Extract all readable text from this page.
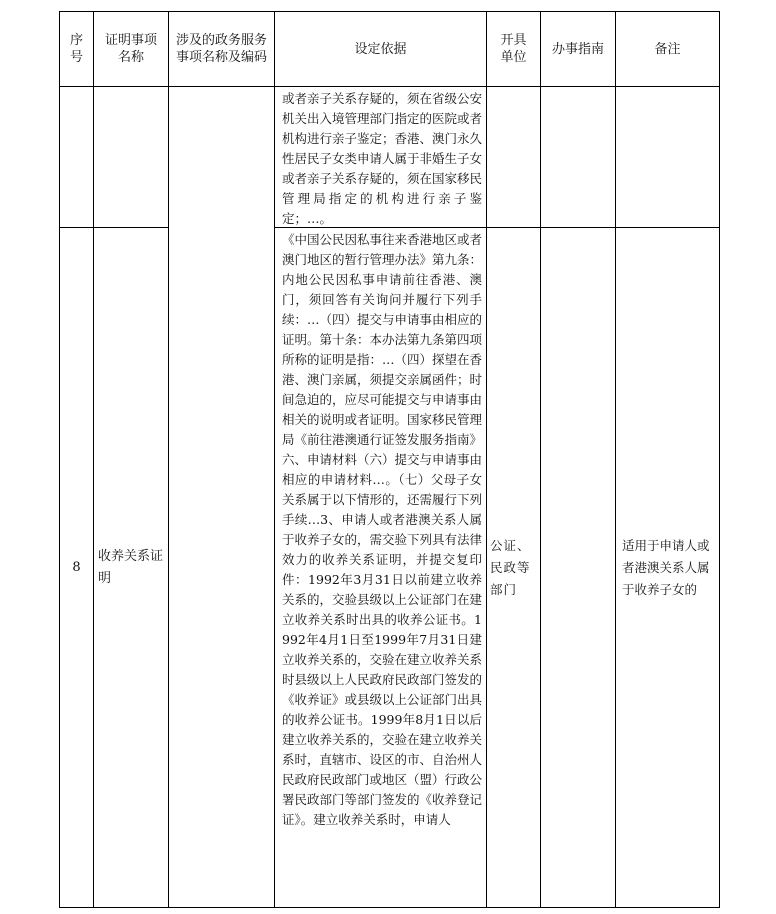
序号	证明事项名称	涉及的政务服务事项名称及编码	设定依据	开具单位	办事指南	备注

			或者亲子关系存疑的，须在省级公安机关出入境管理部门指定的医院或者机构进行亲子鉴定；香港、澳门永久性居民子女类申请人属于非婚生子女或者亲子关系存疑的，须在国家移民管理局指定的机构进行亲子鉴定；…。			

8	收养关系证明		《中国公民因私事往来香港地区或者澳门地区的暂行管理办法》第九条：内地公民因私事申请前往香港、澳门，须回答有关询问并履行下列手续：…（四）提交与申请事由相应的证明。第十条：本办法第九条第四项所称的证明是指：…（四）探望在香港、澳门亲属，须提交亲属函件；时间急迫的，应尽可能提交与申请事由相关的说明或者证明。国家移民管理局《前往港澳通行证签发服务指南》六、申请材料（六）提交与申请事由相应的申请材料…。（七）父母子女关系属于以下情形的，还需履行下列手续…3、申请人或者港澳关系人属于收养子女的，需交验下列具有法律效力的收养关系证明，并提交复印件：1992年3月31日以前建立收养关系的，交验县级以上公证部门在建立收养关系时出具的收养公证书。1992年4月1日至1999年7月31日建立收养关系的，交验在建立收养关系时县级以上人民政府民政部门签发的《收养证》或县级以上公证部门出具的收养公证书。1999年8月1日以后建立收养关系的，交验在建立收养关系时，直辖市、设区的市、自治州人民政府民政部门或地区（盟）行政公署民政部门等部门签发的《收养登记证》。建立收养关系时，申请人	公证、民政等部门		适用于申请人或者港澳关系人属于收养子女的
